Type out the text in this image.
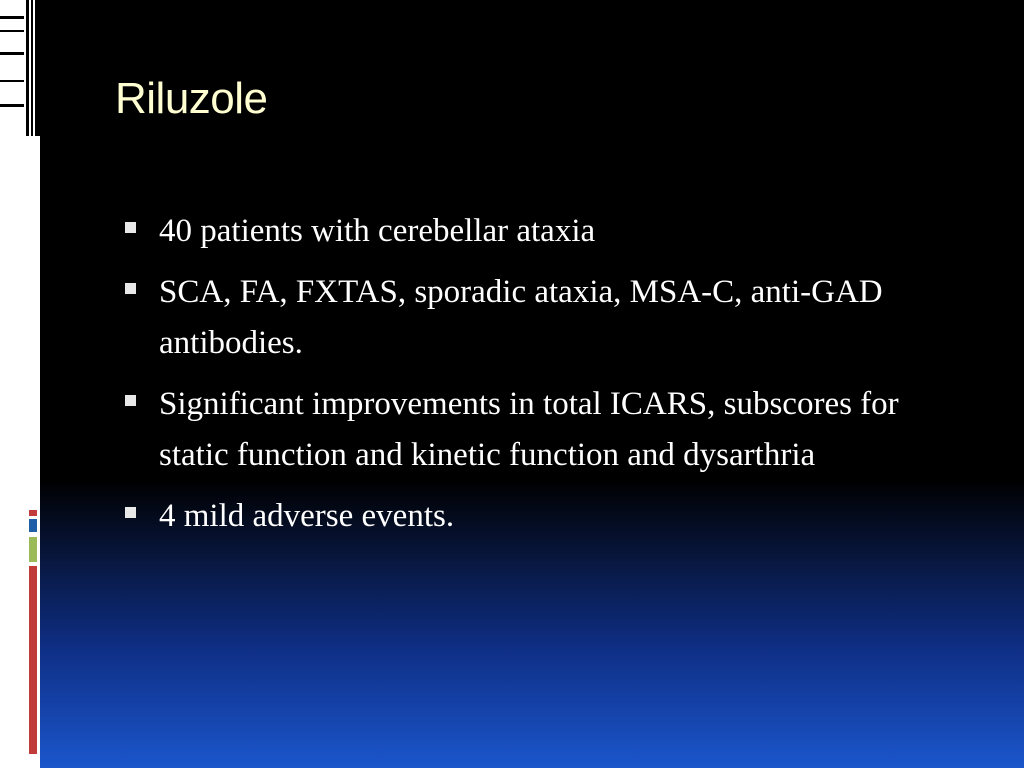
Riluzole
40 patients with cerebellar ataxia
SCA, FA, FXTAS, sporadic ataxia, MSA-C, anti-GAD antibodies.
Significant improvements in total ICARS, subscores for static function and kinetic function and dysarthria
4 mild adverse events.
